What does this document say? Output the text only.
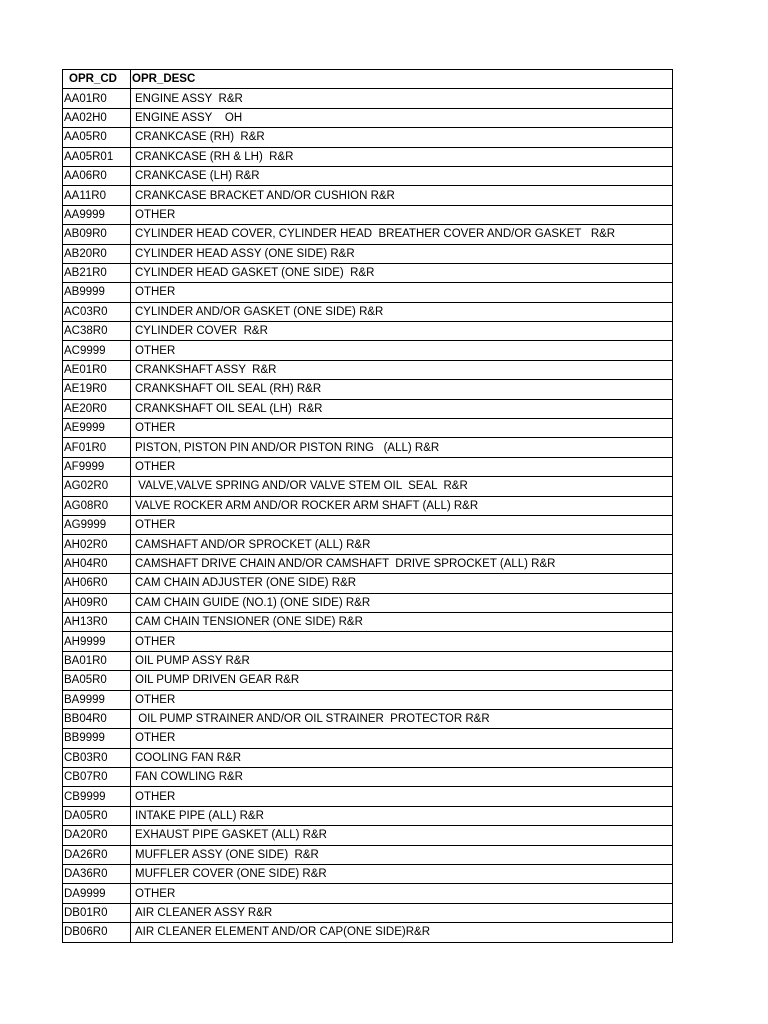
OPR_CD	OPR_DESC
AA01R0	ENGINE ASSY  R&R
AA02H0	ENGINE ASSY    OH
AA05R0	CRANKCASE (RH)  R&R
AA05R01	CRANKCASE (RH & LH)  R&R
AA06R0	CRANKCASE (LH) R&R
AA11R0	CRANKCASE BRACKET AND/OR CUSHION R&R
AA9999	OTHER
AB09R0	CYLINDER HEAD COVER, CYLINDER HEAD  BREATHER COVER AND/OR GASKET   R&R
AB20R0	CYLINDER HEAD ASSY (ONE SIDE) R&R
AB21R0	CYLINDER HEAD GASKET (ONE SIDE)  R&R
AB9999	OTHER
AC03R0	CYLINDER AND/OR GASKET (ONE SIDE) R&R
AC38R0	CYLINDER COVER  R&R
AC9999	OTHER
AE01R0	CRANKSHAFT ASSY  R&R
AE19R0	CRANKSHAFT OIL SEAL (RH) R&R
AE20R0	CRANKSHAFT OIL SEAL (LH)  R&R
AE9999	OTHER
AF01R0	PISTON, PISTON PIN AND/OR PISTON RING   (ALL) R&R
AF9999	OTHER
AG02R0	VALVE,VALVE SPRING AND/OR VALVE STEM OIL  SEAL  R&R
AG08R0	VALVE ROCKER ARM AND/OR ROCKER ARM SHAFT (ALL) R&R
AG9999	OTHER
AH02R0	CAMSHAFT AND/OR SPROCKET (ALL) R&R
AH04R0	CAMSHAFT DRIVE CHAIN AND/OR CAMSHAFT  DRIVE SPROCKET (ALL) R&R
AH06R0	CAM CHAIN ADJUSTER (ONE SIDE) R&R
AH09R0	CAM CHAIN GUIDE (NO.1) (ONE SIDE) R&R
AH13R0	CAM CHAIN TENSIONER (ONE SIDE) R&R
AH9999	OTHER
BA01R0	OIL PUMP ASSY R&R
BA05R0	OIL PUMP DRIVEN GEAR R&R
BA9999	OTHER
BB04R0	OIL PUMP STRAINER AND/OR OIL STRAINER  PROTECTOR R&R
BB9999	OTHER
CB03R0	COOLING FAN R&R
CB07R0	FAN COWLING R&R
CB9999	OTHER
DA05R0	INTAKE PIPE (ALL) R&R
DA20R0	EXHAUST PIPE GASKET (ALL) R&R
DA26R0	MUFFLER ASSY (ONE SIDE)  R&R
DA36R0	MUFFLER COVER (ONE SIDE) R&R
DA9999	OTHER
DB01R0	AIR CLEANER ASSY R&R
DB06R0	AIR CLEANER ELEMENT AND/OR CAP(ONE SIDE)R&R
